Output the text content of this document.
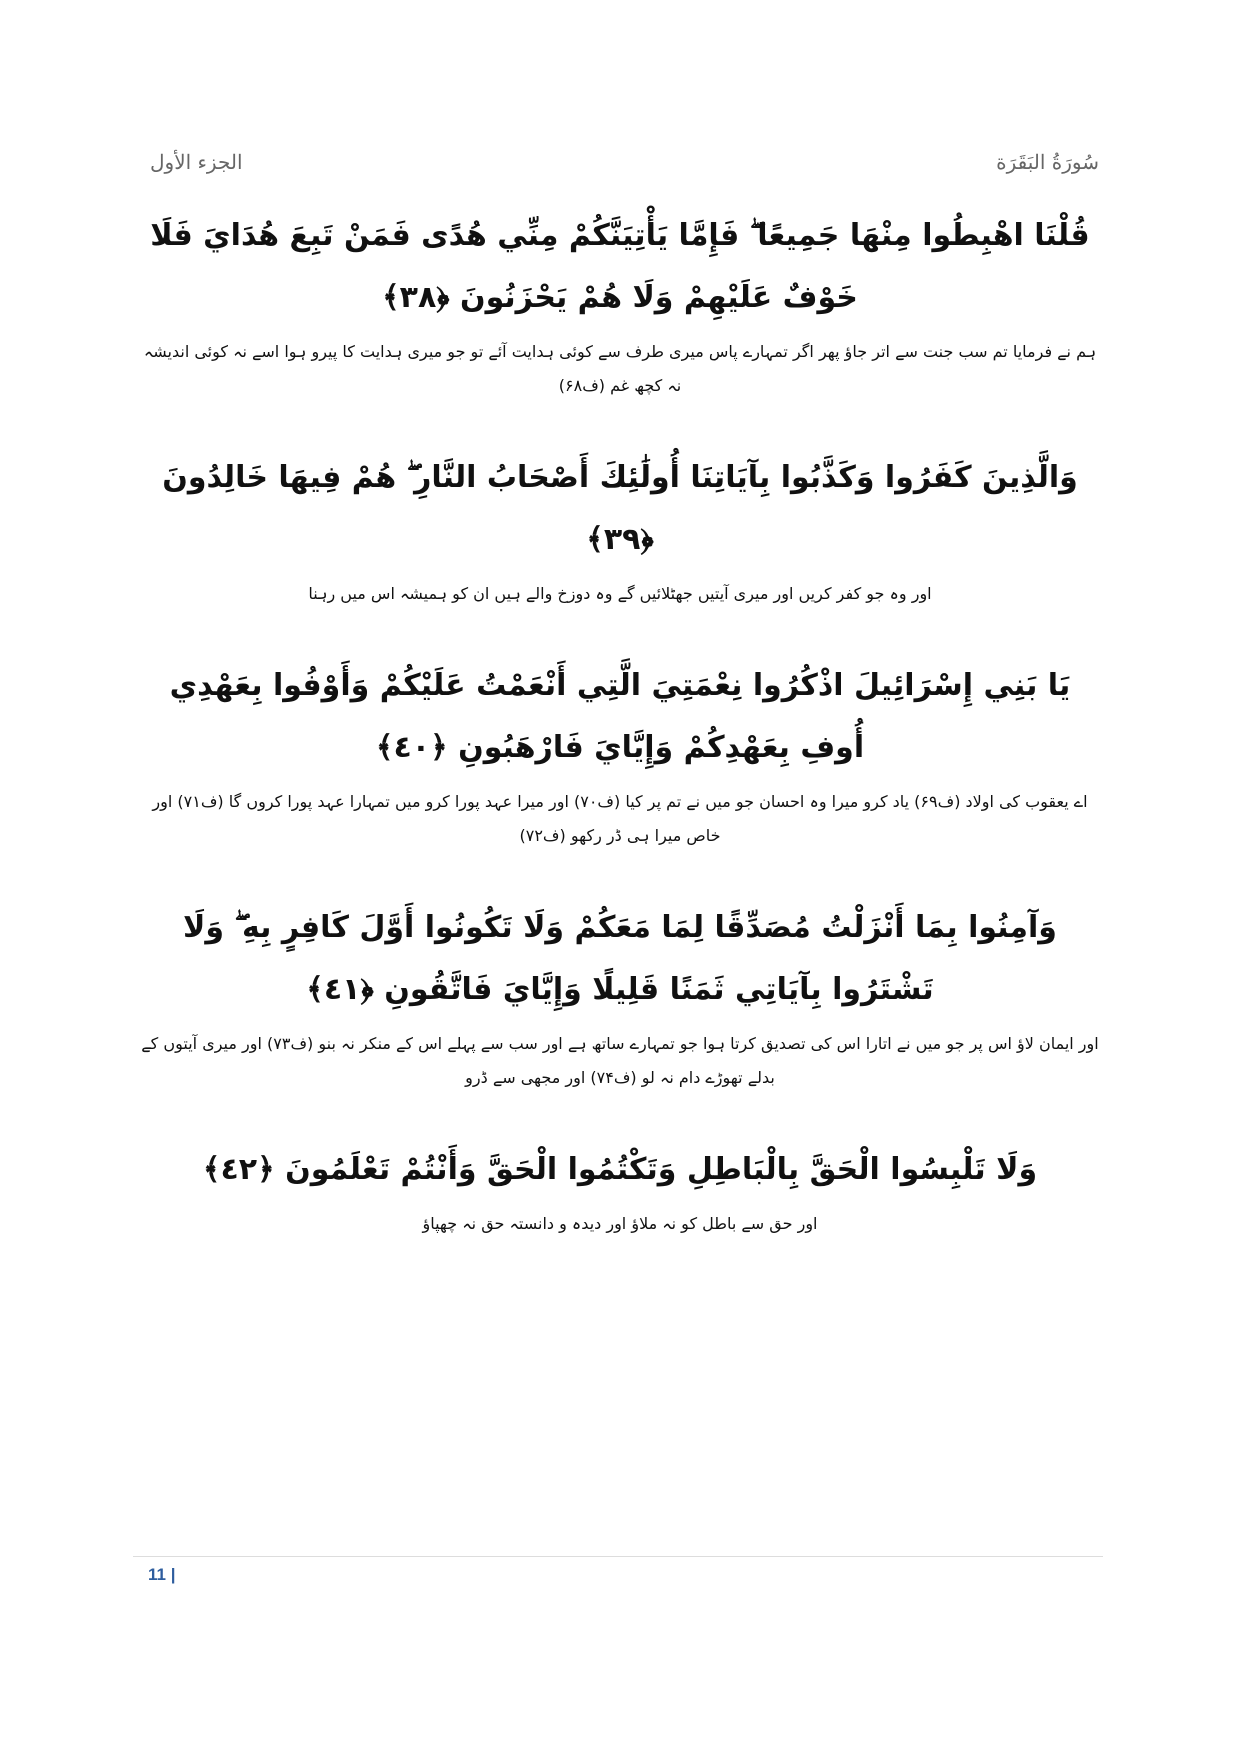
الجزء الأول	سُورَةُ البَقَرَة
قُلْنَا اهْبِطُوا مِنْهَا جَمِيعًا ۖ فَإِمَّا يَأْتِيَنَّكُمْ مِنِّي هُدًى فَمَنْ تَبِعَ هُدَايَ فَلَا خَوْفٌ عَلَيْهِمْ وَلَا هُمْ يَحْزَنُونَ ﴿٣٨﴾
ہم نے فرمایا تم سب جنت سے اتر جاؤ پھر اگر تمہارے پاس میری طرف سے کوئی ہدایت آئے تو جو میری ہدایت کا پیرو ہوا اسے نہ کوئی اندیشہ نہ کچھ غم (ف۶۸)
وَالَّذِينَ كَفَرُوا وَكَذَّبُوا بِآيَاتِنَا أُولَٰئِكَ أَصْحَابُ النَّارِ ۖ هُمْ فِيهَا خَالِدُونَ ﴿٣٩﴾
اور وہ جو کفر کریں اور میری آیتیں جھٹلائیں گے وہ دوزخ والے ہیں ان کو ہمیشہ اس میں رہنا
يَا بَنِي إِسْرَائِيلَ اذْكُرُوا نِعْمَتِيَ الَّتِي أَنْعَمْتُ عَلَيْكُمْ وَأَوْفُوا بِعَهْدِي أُوفِ بِعَهْدِكُمْ وَإِيَّايَ فَارْهَبُونِ ﴿٤٠﴾
اے یعقوب کی اولاد (ف۶۹) یاد کرو میرا وہ احسان جو میں نے تم پر کیا (ف۷۰) اور میرا عہد پورا کرو میں تمہارا عہد پورا کروں گا (ف۷۱) اور خاص میرا ہی ڈر رکھو (ف۷۲)
وَآمِنُوا بِمَا أَنْزَلْتُ مُصَدِّقًا لِمَا مَعَكُمْ وَلَا تَكُونُوا أَوَّلَ كَافِرٍ بِهِ ۖ وَلَا تَشْتَرُوا بِآيَاتِي ثَمَنًا قَلِيلًا وَإِيَّايَ فَاتَّقُونِ ﴿٤١﴾
اور ایمان لاؤ اس پر جو میں نے اتارا اس کی تصدیق کرتا ہوا جو تمہارے ساتھ ہے اور سب سے پہلے اس کے منکر نہ بنو (ف۷۳) اور میری آیتوں کے بدلے تھوڑے دام نہ لو (ف۷۴) اور مجھی سے ڈرو
وَلَا تَلْبِسُوا الْحَقَّ بِالْبَاطِلِ وَتَكْتُمُوا الْحَقَّ وَأَنْتُمْ تَعْلَمُونَ ﴿٤٢﴾
اور حق سے باطل کو نہ ملاؤ اور دیدہ و دانستہ حق نہ چھپاؤ
11 |
